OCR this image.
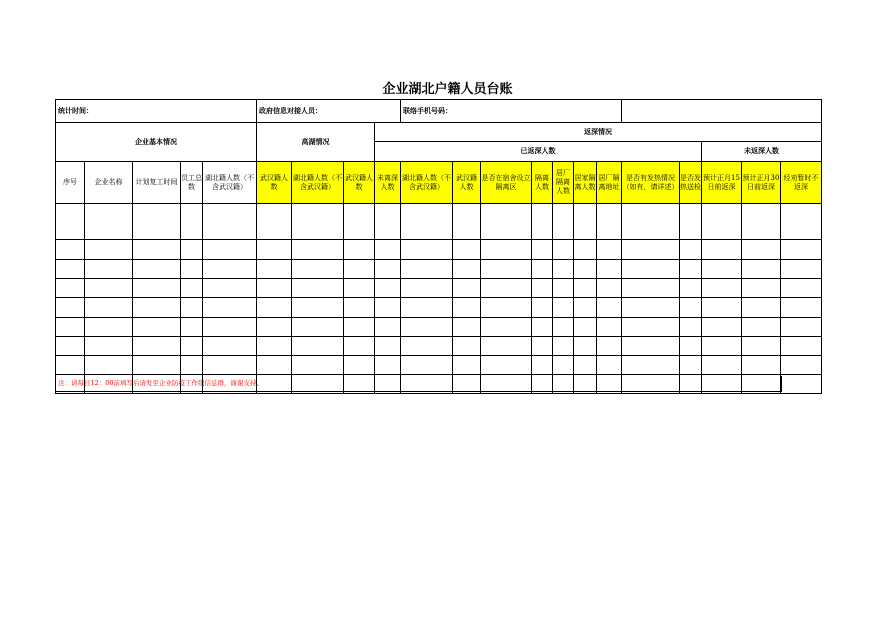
企业湖北户籍人员台账
统计时间：					政府信息对接人员：				联络手机号码：											
企业基本情况					高湖情况			返深情况												
								已返深人数										未返深人数		
序号	企业名称	计划复工时间	员工总数	湖北籍人数（不含武汉籍）	武汉籍人数	湖北籍人数（不含武汉籍）	武汉籍人数	未离深人数	湖北籍人数（不含武汉籍）	武汉籍人数	是否在宿舍设立隔离区	隔离人数	居厂隔离人数	居家隔离人数	居厂隔离地址	是否有发热情况（如有，请详述）	是否发热送检	预计正月15日前返深	预计正月30日前返深	经劝暂时不返深

注：请每日12：00前填写后请发至企业防疫工作组信息群，谢谢支持。
